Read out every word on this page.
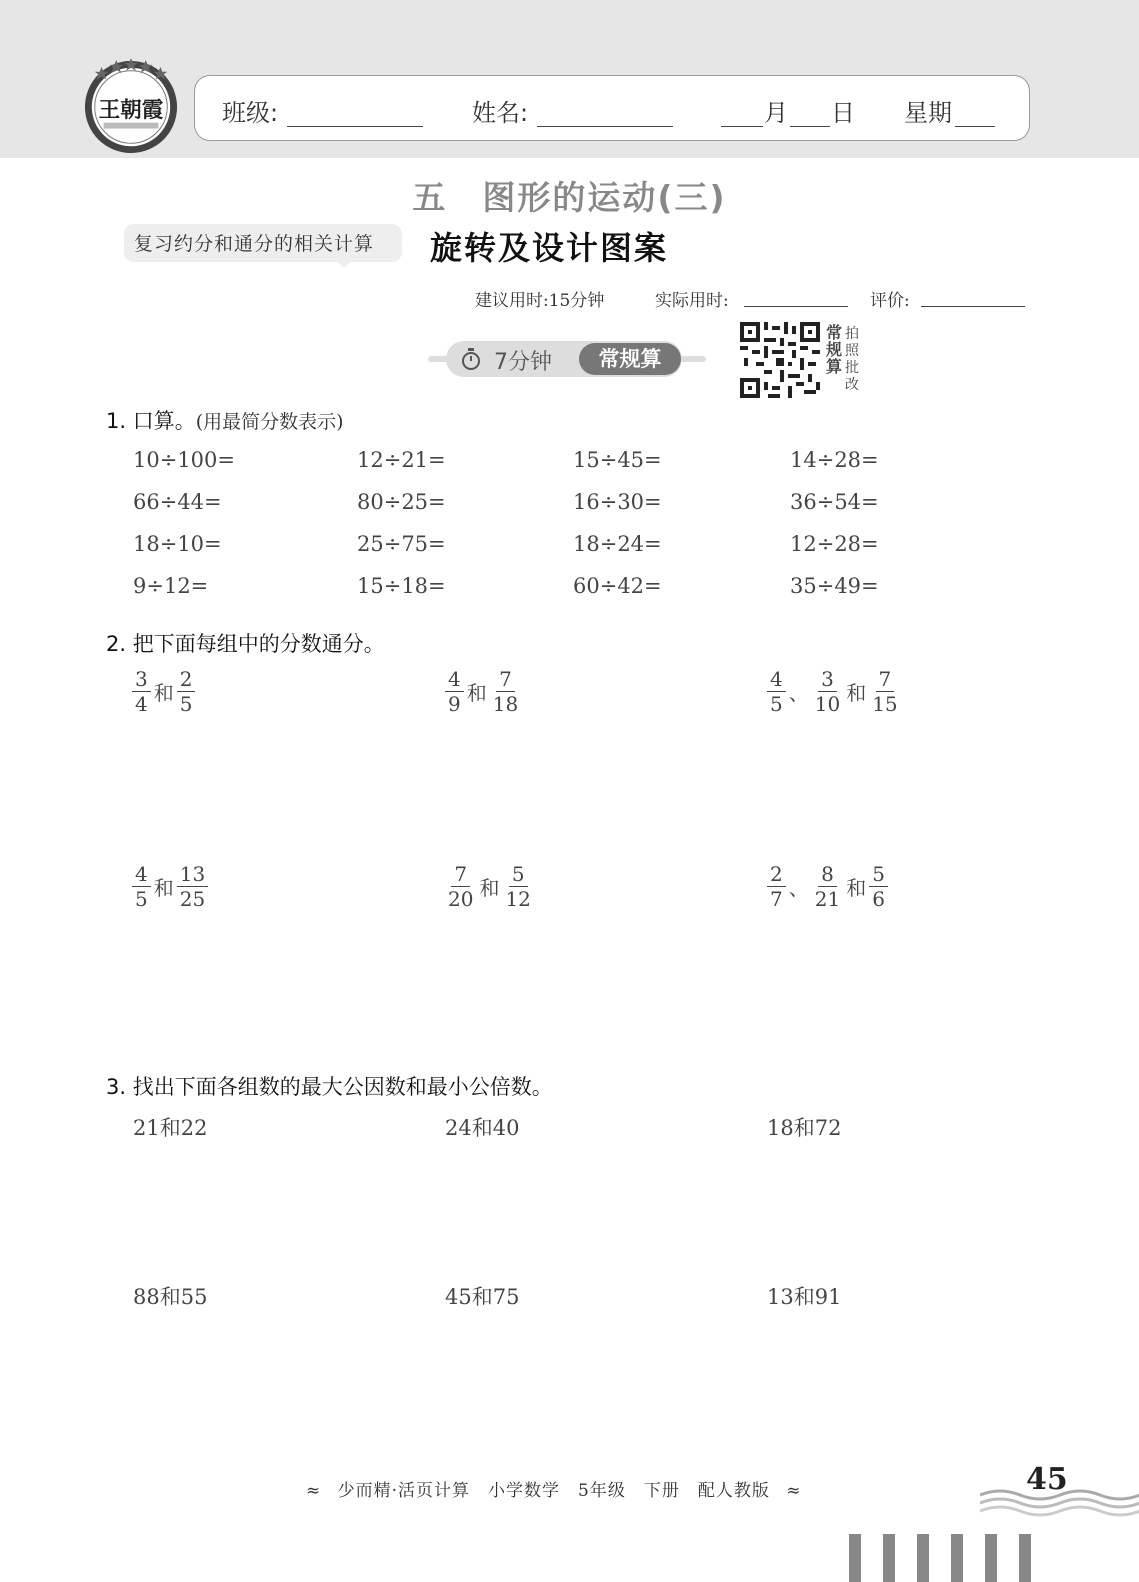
王朝霞 班级:	姓名:	月 日 星期
五　图形的运动(三)
复习约分和通分的相关计算 旋转及设计图案
建议用时:15分钟	实际用时:	评价:
7分钟	常规算
常规算
拍照批改
1. 口算。(用最简分数表示)
10÷100=	12÷21=	15÷45=	14÷28=
66÷44=	80÷25=	16÷30=	36÷54=
18÷10=	25÷75=	18÷24=	12÷28=
9÷12=	15÷18=	60÷42=	35÷49=
2. 把下面每组中的分数通分。
$\frac{3}{4}$ 和 $\frac{2}{5}$	$\frac{4}{9}$ 和 $\frac{7}{18}$	$\frac{4}{5}$ 、 $\frac{3}{10}$ 和 $\frac{7}{15}$
$\frac{4}{5}$ 和 $\frac{13}{25}$	$\frac{7}{20}$ 和 $\frac{5}{12}$	$\frac{2}{7}$ 、 $\frac{8}{21}$ 和 $\frac{5}{6}$
3. 找出下面各组数的最大公因数和最小公倍数。
21和22	24和40	18和72
88和55	45和75	13和91
≈ 少而精·活页计算　小学数学　5年级　下册　配人教版 ≈	45
